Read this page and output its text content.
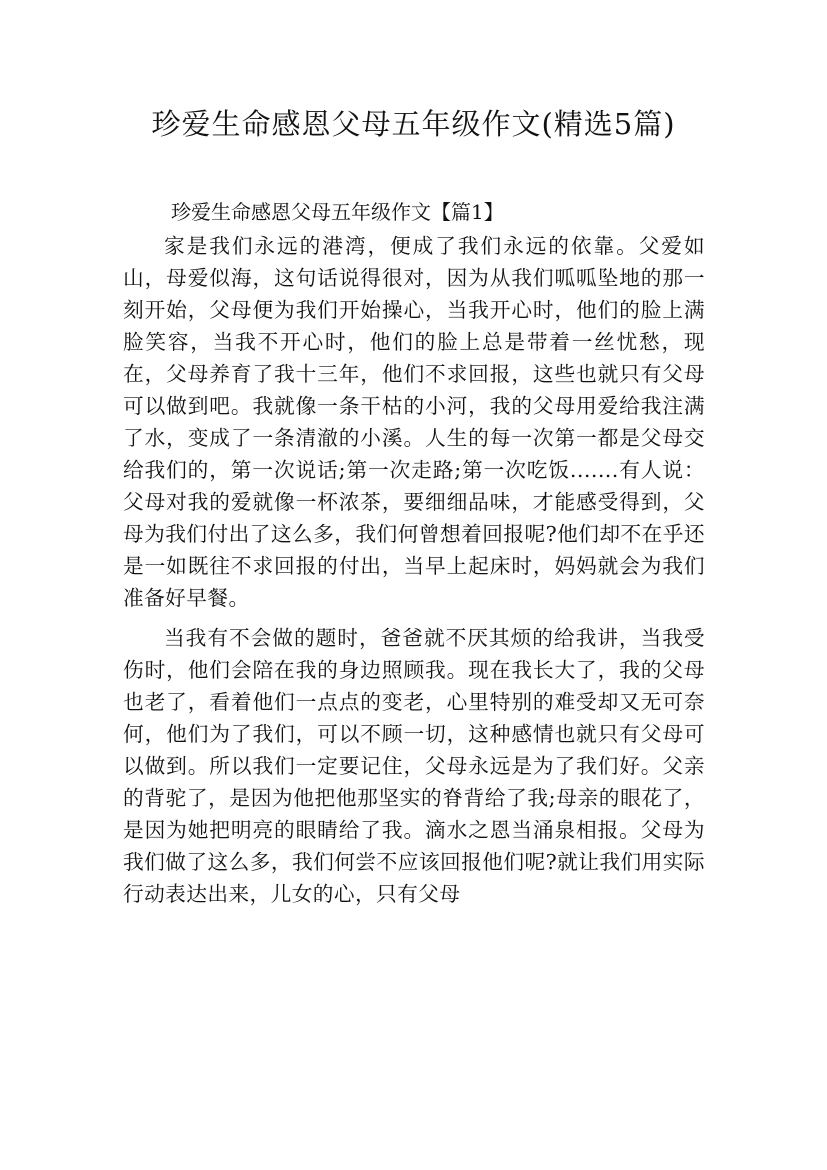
珍爱生命感恩父母五年级作文(精选5篇)
珍爱生命感恩父母五年级作文【篇1】

家是我们永远的港湾，便成了我们永远的依靠。父爱如山，母爱似海，这句话说得很对，因为从我们呱呱坠地的那一刻开始，父母便为我们开始操心，当我开心时，他们的脸上满脸笑容，当我不开心时，他们的脸上总是带着一丝忧愁，现在，父母养育了我十三年，他们不求回报，这些也就只有父母可以做到吧。我就像一条干枯的小河，我的父母用爱给我注满了水，变成了一条清澈的小溪。人生的每一次第一都是父母交给我们的，第一次说话;第一次走路;第一次吃饭.......有人说：父母对我的爱就像一杯浓茶，要细细品味，才能感受得到，父母为我们付出了这么多，我们何曾想着回报呢?他们却不在乎还是一如既往不求回报的付出，当早上起床时，妈妈就会为我们准备好早餐。

当我有不会做的题时，爸爸就不厌其烦的给我讲，当我受伤时，他们会陪在我的身边照顾我。现在我长大了，我的父母也老了，看着他们一点点的变老，心里特别的难受却又无可奈何，他们为了我们，可以不顾一切，这种感情也就只有父母可以做到。所以我们一定要记住，父母永远是为了我们好。父亲的背驼了，是因为他把他那坚实的脊背给了我;母亲的眼花了，是因为她把明亮的眼睛给了我。滴水之恩当涌泉相报。父母为我们做了这么多，我们何尝不应该回报他们呢?就让我们用实际行动表达出来，儿女的心，只有父母
